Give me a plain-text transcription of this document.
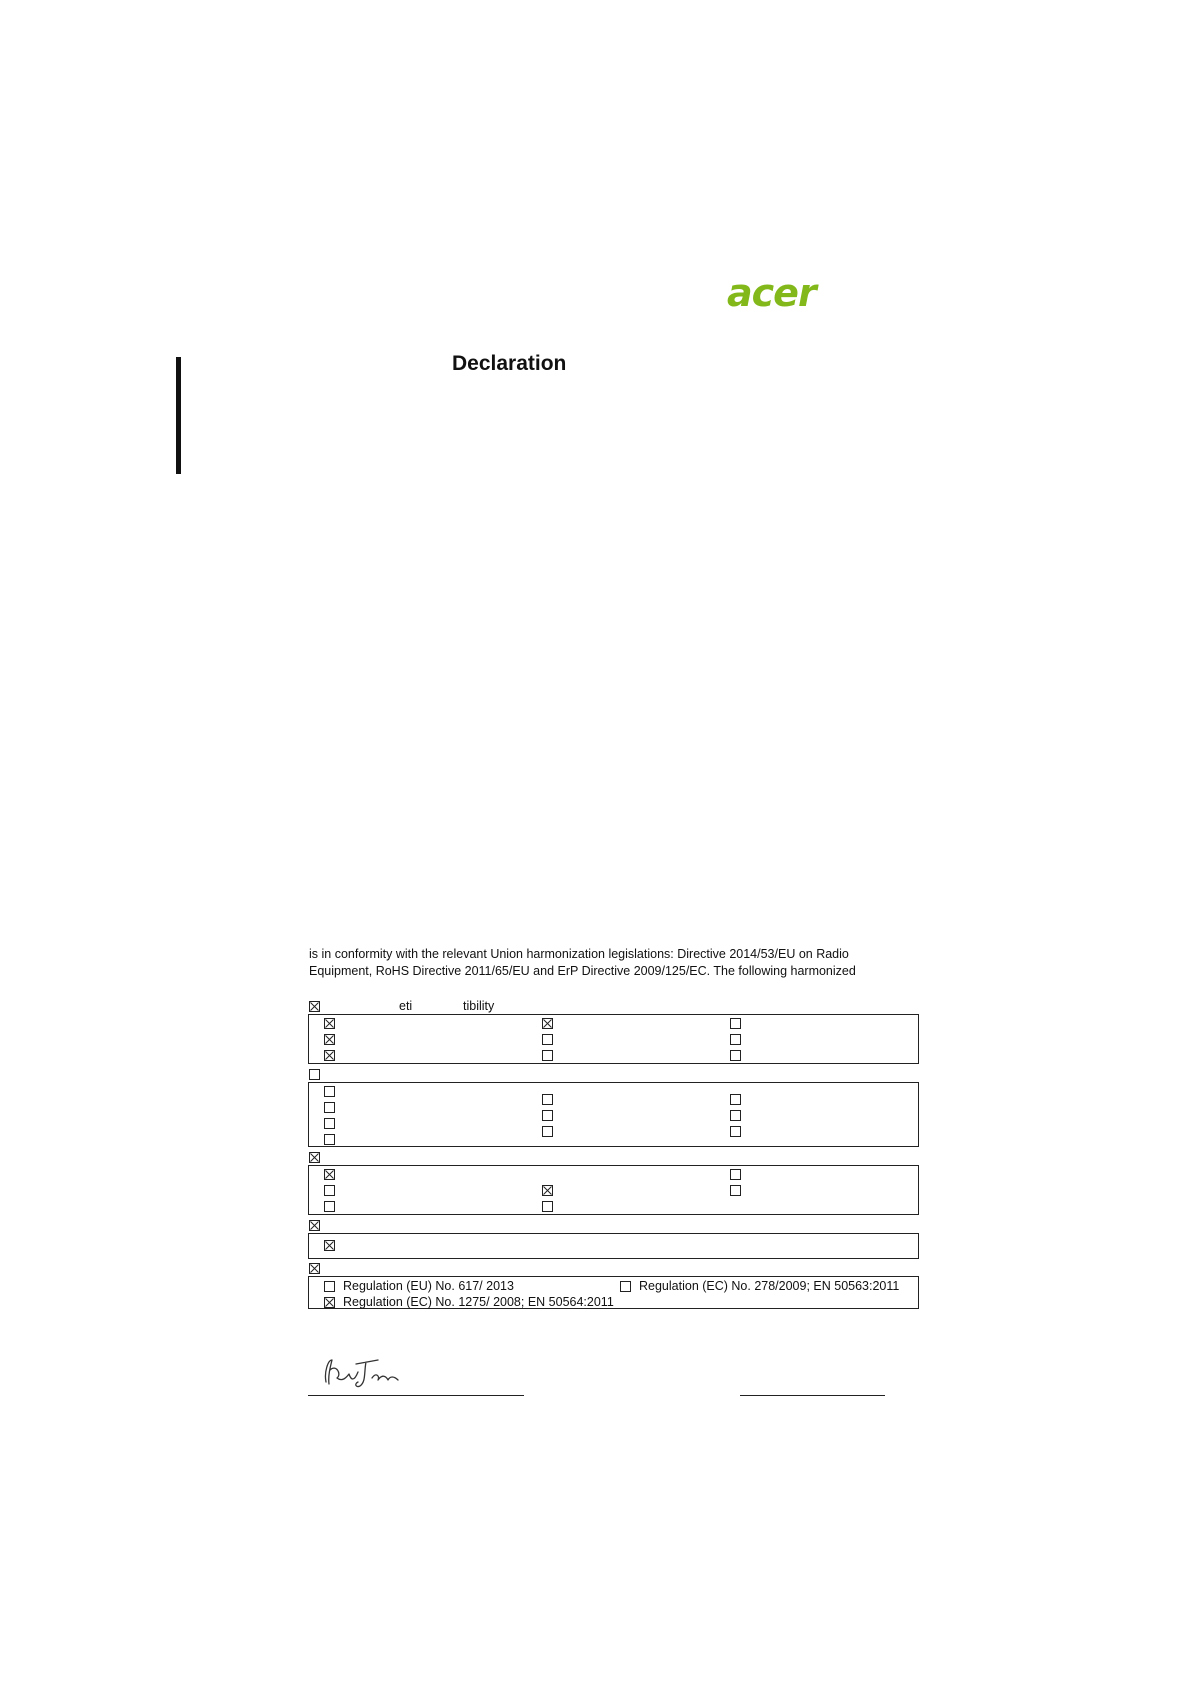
acer
Declaration
is in conformity with the relevant Union harmonization legislations: Directive 2014/53/EU on Radio
Equipment, RoHS Directive 2011/65/EU and ErP Directive 2009/125/EC. The following harmonized
eti	tibility
Regulation (EU) No. 617/ 2013
Regulation (EC) No. 1275/ 2008; EN 50564:2011
Regulation (EC) No. 278/2009; EN 50563:2011
